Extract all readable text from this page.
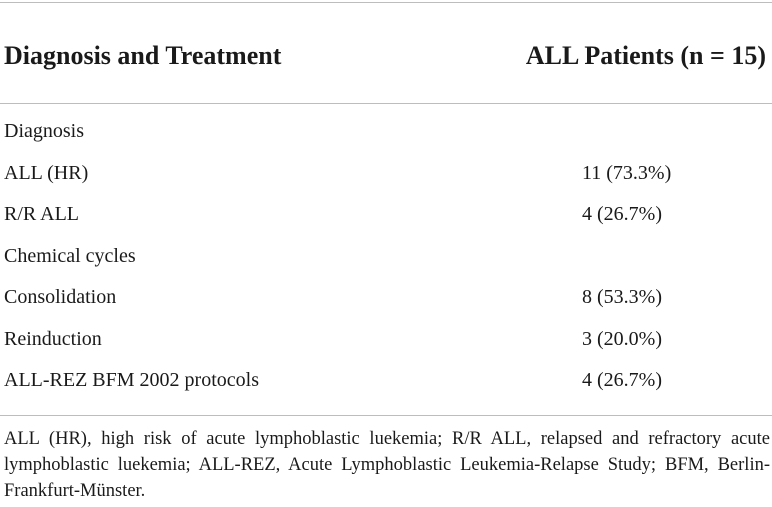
Diagnosis and Treatment	ALL Patients (n = 15)
Diagnosis
ALL (HR)	11 (73.3%)
R/R ALL	4 (26.7%)
Chemical cycles
Consolidation	8 (53.3%)
Reinduction	3 (20.0%)
ALL-REZ BFM 2002 protocols	4 (26.7%)
ALL (HR), high risk of acute lymphoblastic luekemia; R/R ALL, relapsed and refractory acute lymphoblastic luekemia; ALL-REZ, Acute Lymphoblastic Leukemia-Relapse Study; BFM, Berlin-Frankfurt-Münster.
